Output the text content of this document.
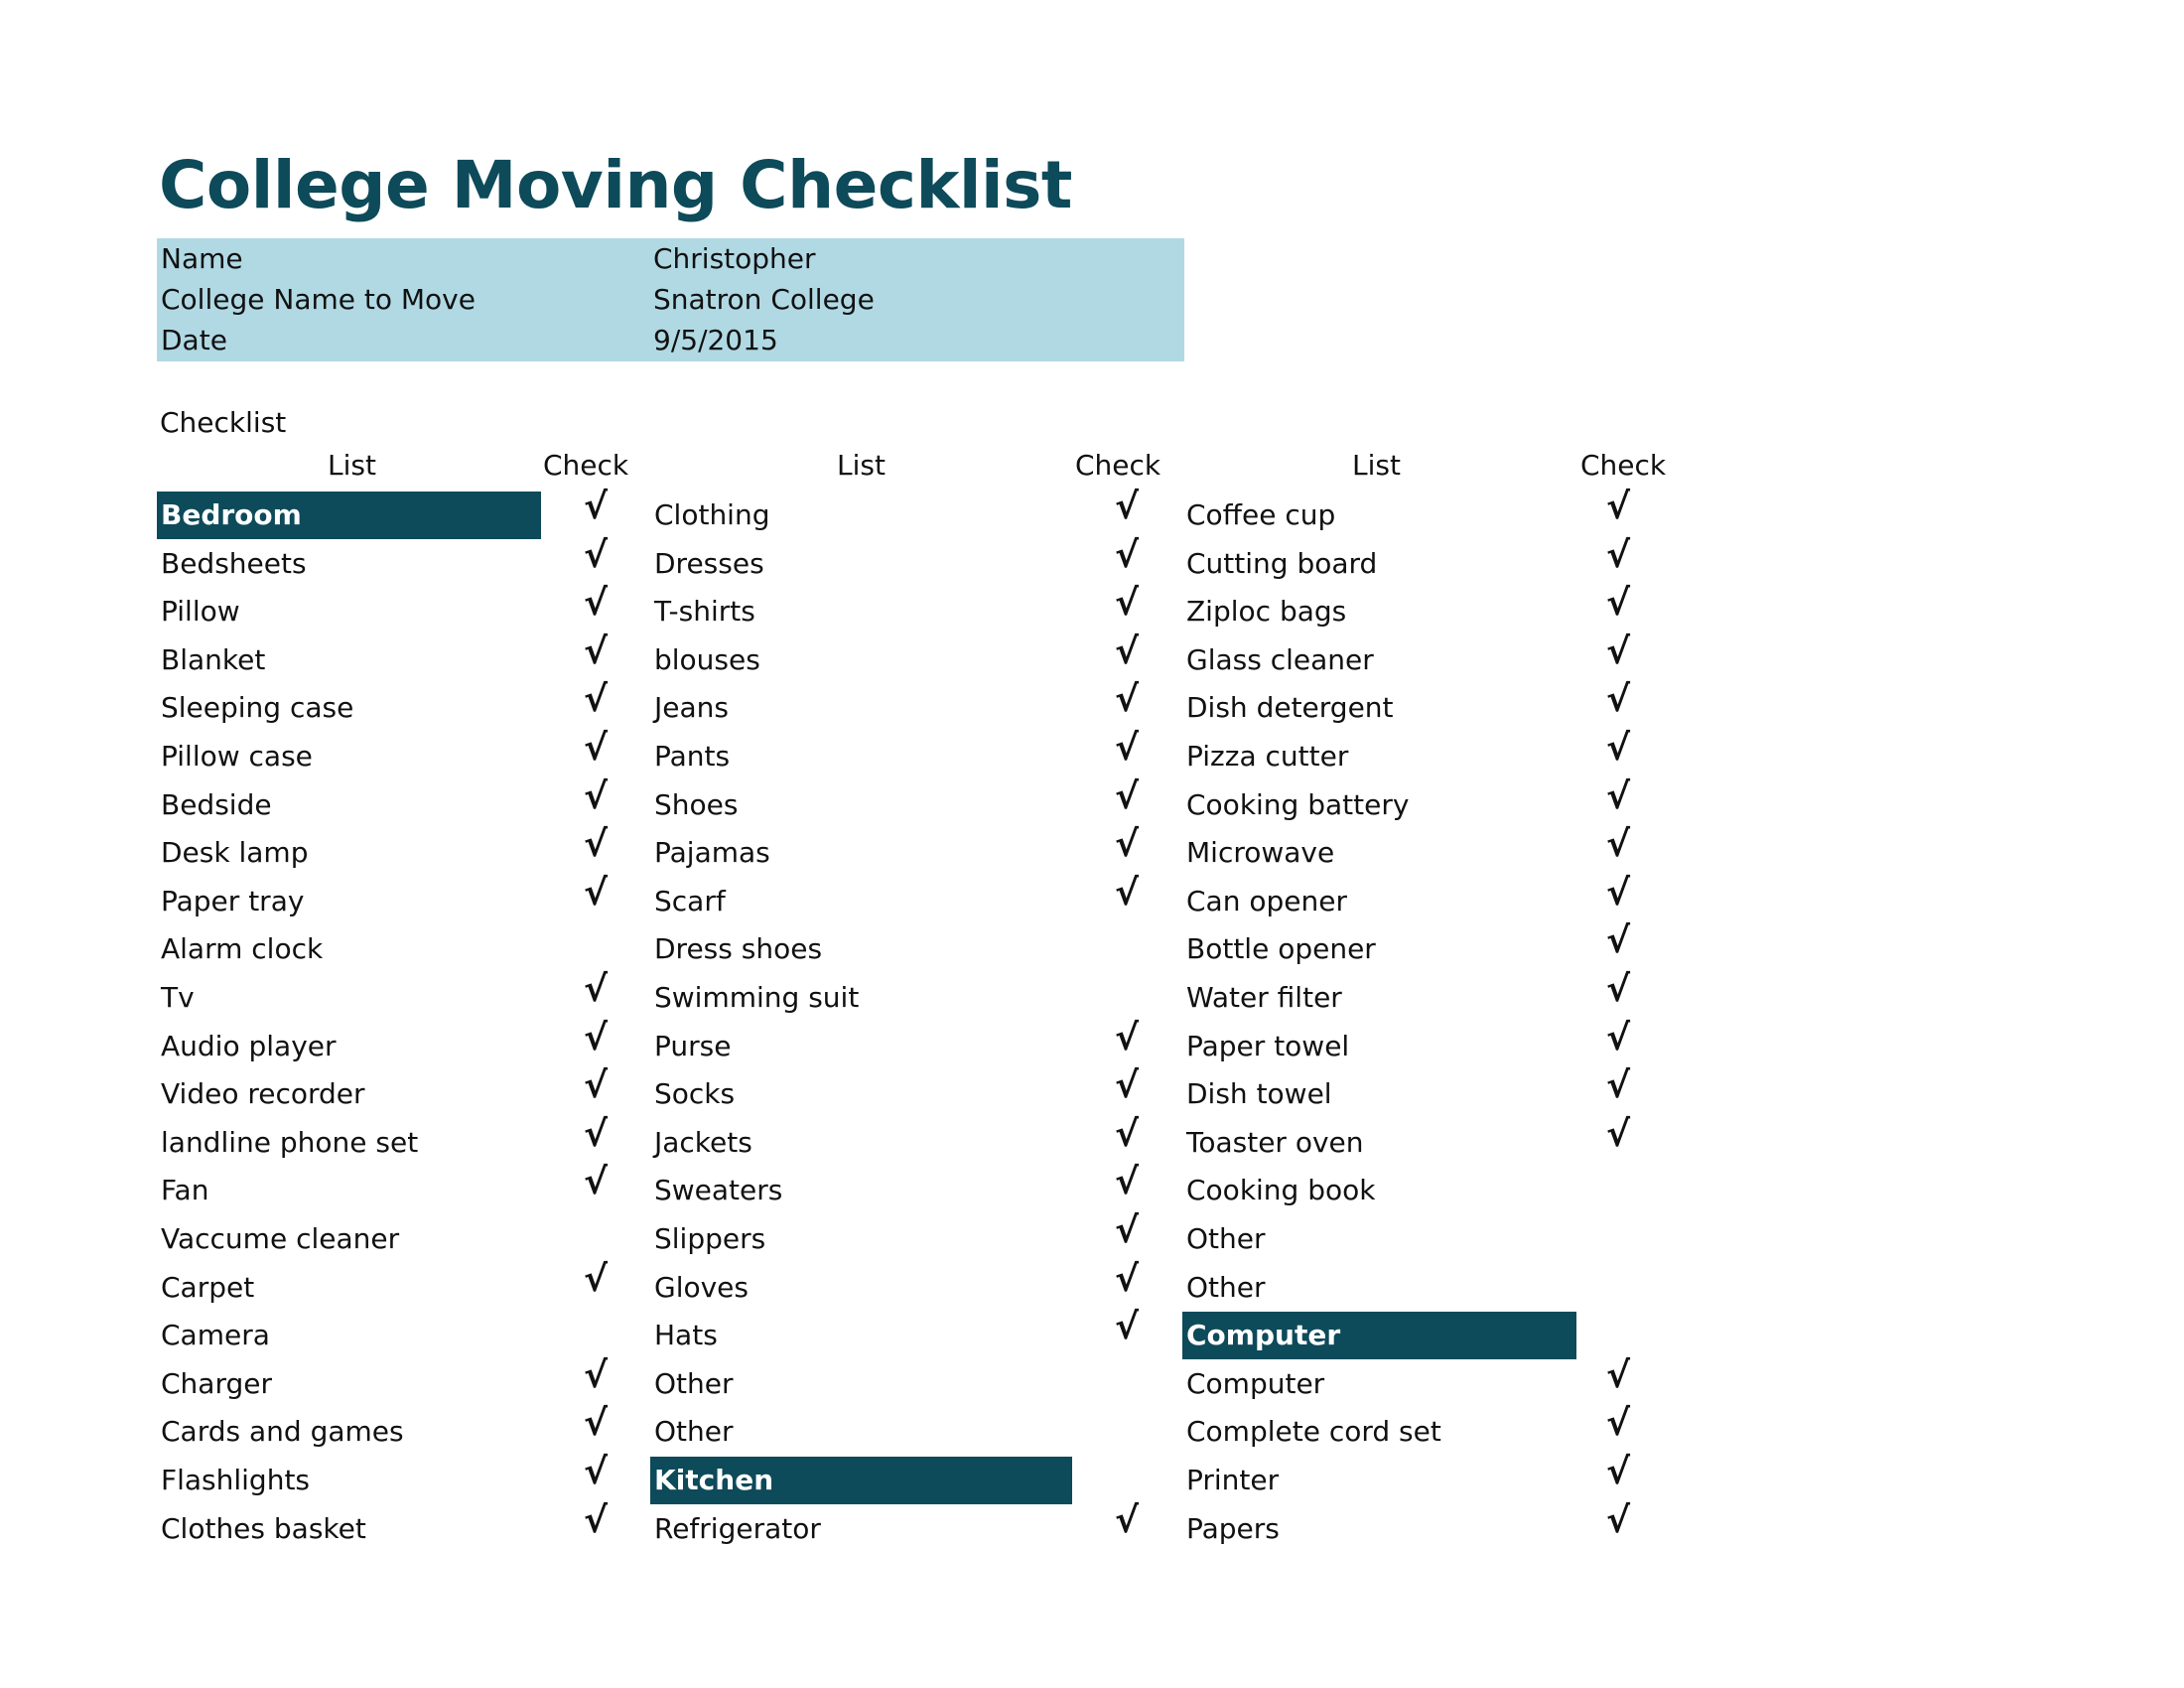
College Moving Checklist
Name	Christopher
College Name to Move	Snatron College
Date	9/5/2015
Checklist
List	Check	List	Check	List	Check
Bedroom	√
Bedsheets	√
Pillow	√
Blanket	√
Sleeping case	√
Pillow case	√
Bedside	√
Desk lamp	√
Paper tray	√
Alarm clock
Tv	√
Audio player	√
Video recorder	√
landline phone set	√
Fan	√
Vaccume cleaner
Carpet	√
Camera
Charger	√
Cards and games	√
Flashlights	√
Clothes basket	√
Clothing	√
Dresses	√
T-shirts	√
blouses	√
Jeans	√
Pants	√
Shoes	√
Pajamas	√
Scarf	√
Dress shoes
Swimming suit
Purse	√
Socks	√
Jackets	√
Sweaters	√
Slippers	√
Gloves	√
Hats	√
Other
Other
Kitchen
Refrigerator	√
Coffee cup	√
Cutting board	√
Ziploc bags	√
Glass cleaner	√
Dish detergent	√
Pizza cutter	√
Cooking battery	√
Microwave	√
Can opener	√
Bottle opener	√
Water filter	√
Paper towel	√
Dish towel	√
Toaster oven	√
Cooking book
Other
Other
Computer
Computer	√
Complete cord set	√
Printer	√
Papers	√
